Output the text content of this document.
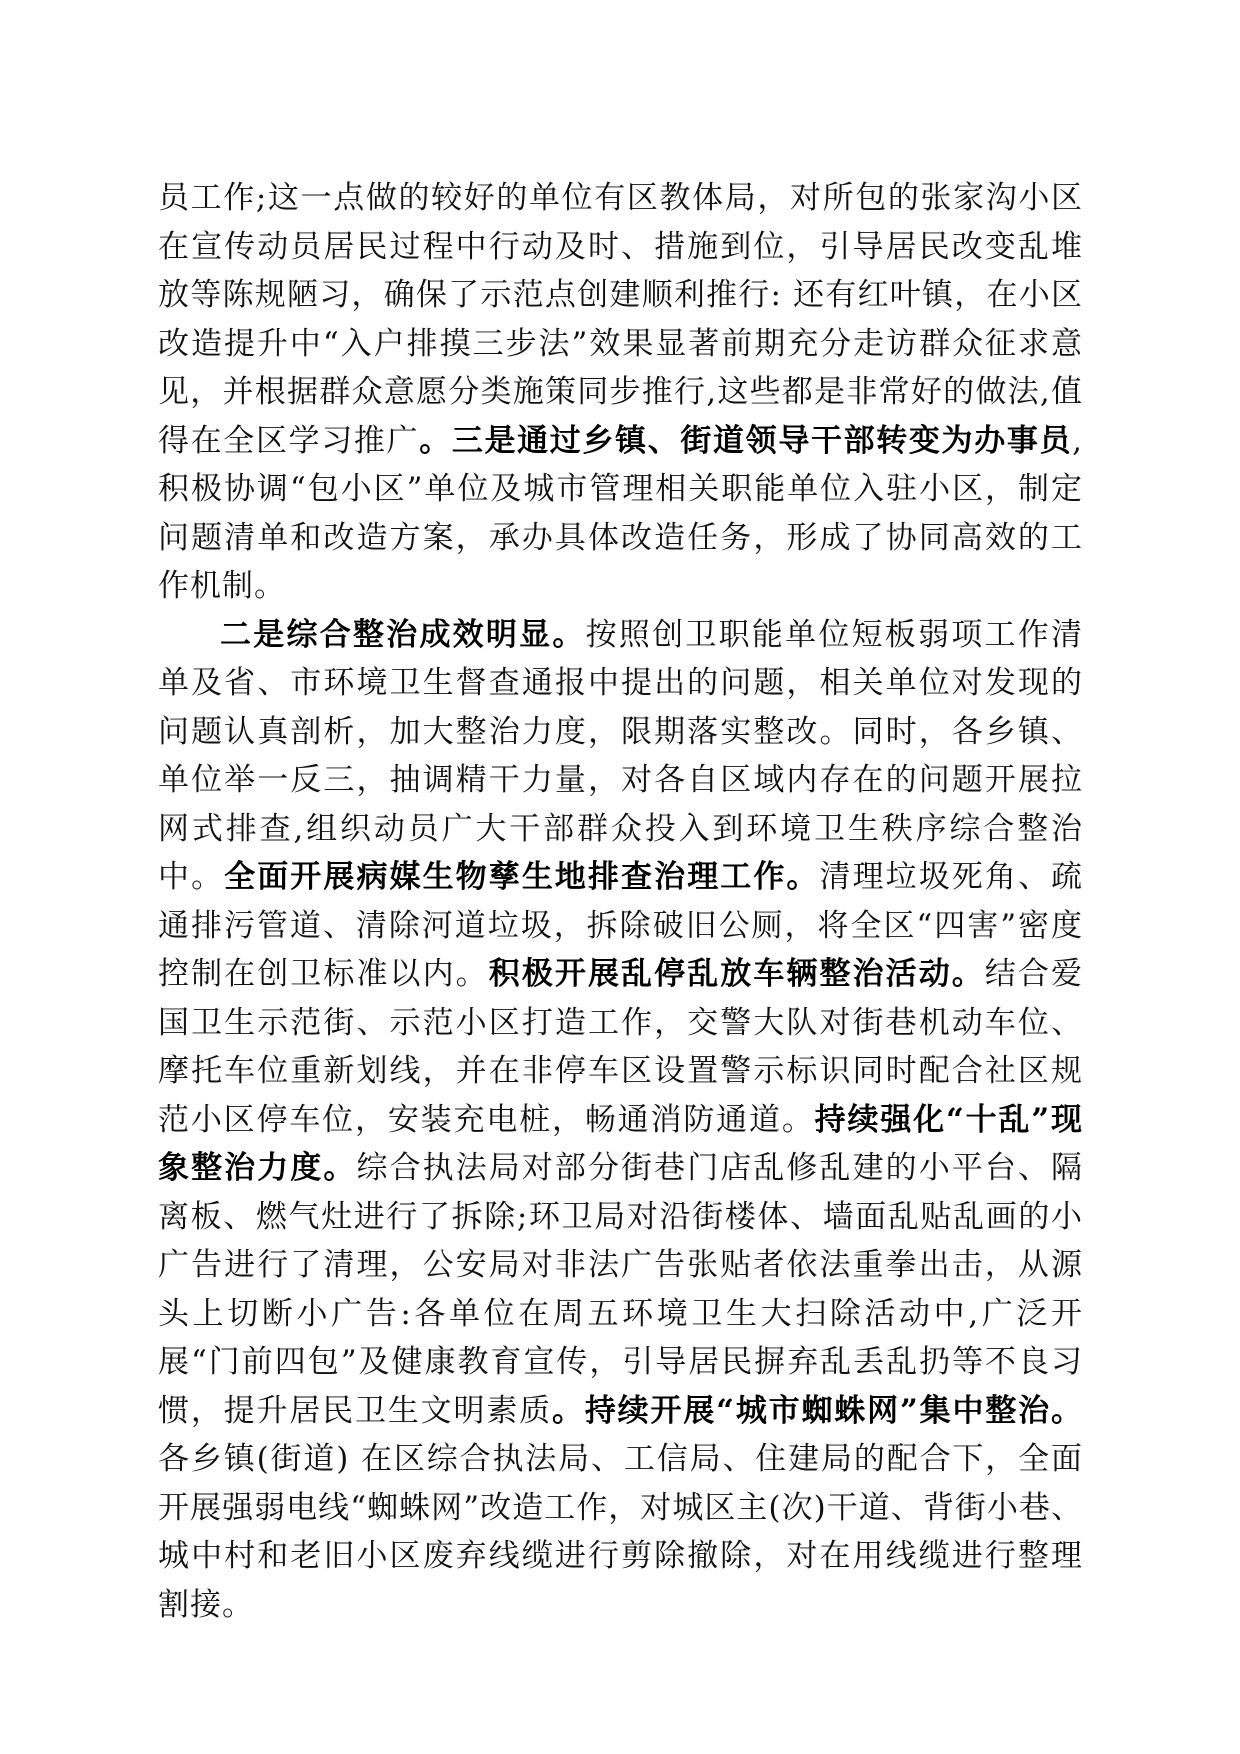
员工作;这一点做的较好的单位有区教体局，对所包的张家沟小区在宣传动员居民过程中行动及时、措施到位，引导居民改变乱堆放等陈规陋习，确保了示范点创建顺利推行: 还有红叶镇，在小区改造提升中“入户排摸三步法”效果显著前期充分走访群众征求意见，并根据群众意愿分类施策同步推行,这些都是非常好的做法,值得在全区学习推广。三是通过乡镇、街道领导干部转变为办事员,积极协调“包小区”单位及城市管理相关职能单位入驻小区，制定问题清单和改造方案，承办具体改造任务，形成了协同高效的工作机制。

二是综合整治成效明显。按照创卫职能单位短板弱项工作清单及省、市环境卫生督查通报中提出的问题，相关单位对发现的问题认真剖析，加大整治力度，限期落实整改。同时，各乡镇、单位举一反三，抽调精干力量，对各自区域内存在的问题开展拉网式排查,组织动员广大干部群众投入到环境卫生秩序综合整治中。全面开展病媒生物孳生地排查治理工作。清理垃圾死角、疏通排污管道、清除河道垃圾，拆除破旧公厕，将全区“四害”密度控制在创卫标准以内。积极开展乱停乱放车辆整治活动。结合爱国卫生示范街、示范小区打造工作，交警大队对街巷机动车位、摩托车位重新划线，并在非停车区设置警示标识同时配合社区规范小区停车位，安装充电桩，畅通消防通道。持续强化“十乱”现象整治力度。综合执法局对部分街巷门店乱修乱建的小平台、隔离板、燃气灶进行了拆除;环卫局对沿街楼体、墙面乱贴乱画的小广告进行了清理，公安局对非法广告张贴者依法重拳出击，从源头上切断小广告:各单位在周五环境卫生大扫除活动中,广泛开展“门前四包”及健康教育宣传，引导居民摒弃乱丢乱扔等不良习惯，提升居民卫生文明素质。持续开展“城市蜘蛛网”集中整治。各乡镇(街道) 在区综合执法局、工信局、住建局的配合下，全面开展强弱电线“蜘蛛网”改造工作，对城区主(次)干道、背街小巷、城中村和老旧小区废弃线缆进行剪除撤除，对在用线缆进行整理割接。
